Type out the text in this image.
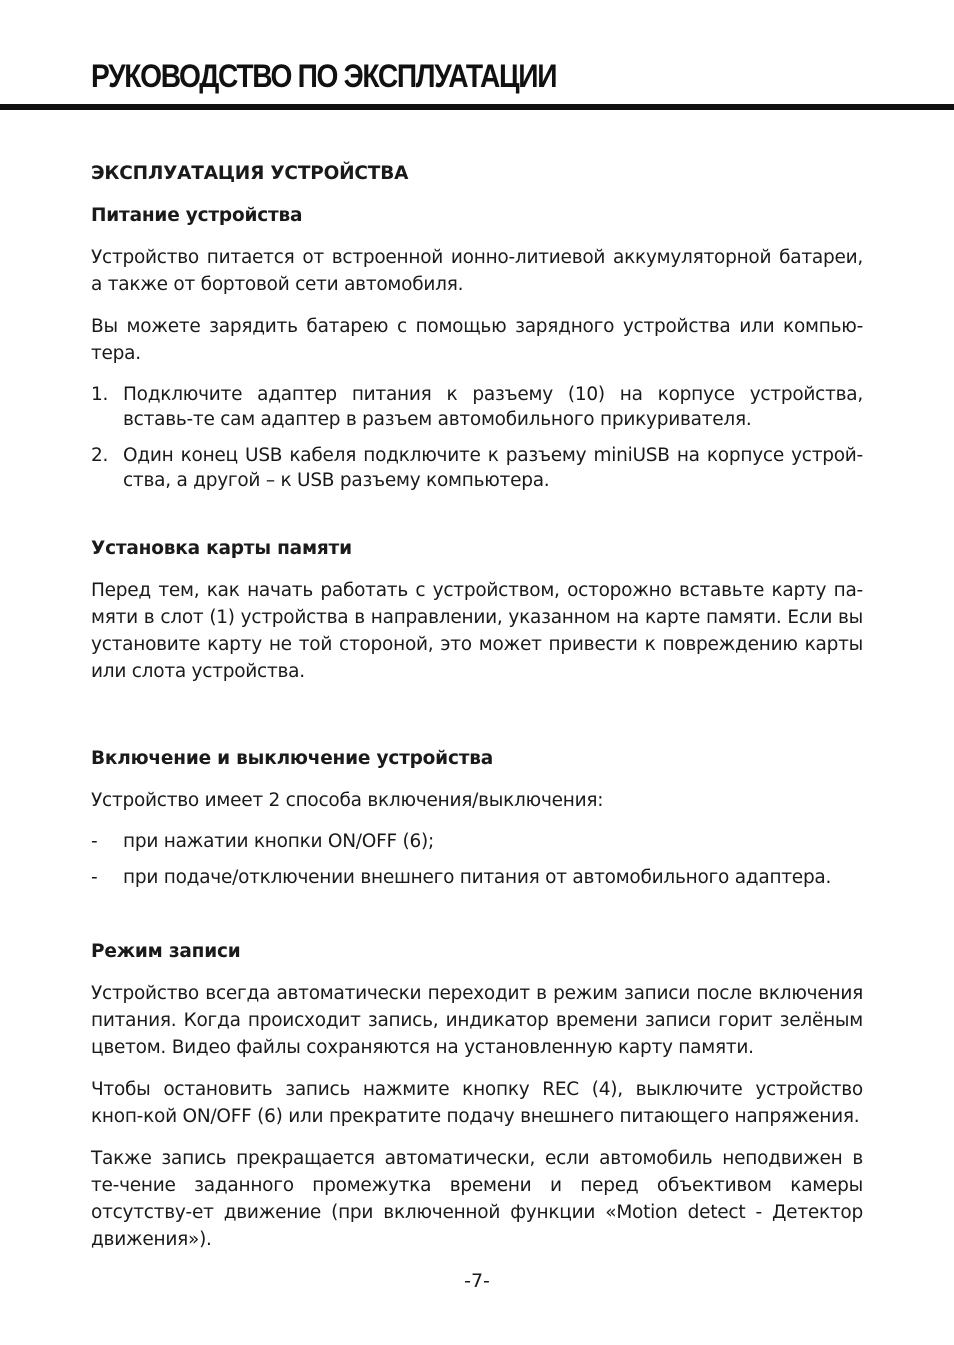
РУКОВОДСТВО ПО ЭКСПЛУАТАЦИИ
ЭКСПЛУАТАЦИЯ УСТРОЙСТВА
Питание устройства

Устройство питается от встроенной ионно-литиевой аккумуляторной батареи, а также от бортовой сети автомобиля.

Вы можете зарядить батарею с помощью зарядного устройства или компью-тера.

1. Подключите адаптер питания к разъему (10) на корпусе устройства, вставь-те сам адаптер в разъем автомобильного прикуривателя.
2. Один конец USB кабеля подключите к разъему miniUSB на корпусе устрой-ства, а другой – к USB разъему компьютера.
Установка карты памяти

Перед тем, как начать работать с устройством, осторожно вставьте карту па-мяти в слот (1) устройства в направлении, указанном на карте памяти. Если вы установите карту не той стороной, это может привести к повреждению карты или слота устройства.

Включение и выключение устройства

Устройство имеет 2 способа включения/выключения:

- при нажатии кнопки ON/OFF (6);
- при подаче/отключении внешнего питания от автомобильного адаптера.
Режим записи

Устройство всегда автоматически переходит в режим записи после включения питания. Когда происходит запись, индикатор времени записи горит зелёным цветом. Видео файлы сохраняются на установленную карту памяти.

Чтобы остановить запись нажмите кнопку REC (4), выключите устройство кноп-кой ON/OFF (6) или прекратите подачу внешнего питающего напряжения.

Также запись прекращается автоматически, если автомобиль неподвижен в те-чение заданного промежутка времени и перед объективом камеры отсутству-ет движение (при включенной функции «Motion detect - Детектор движения»).

-7-
